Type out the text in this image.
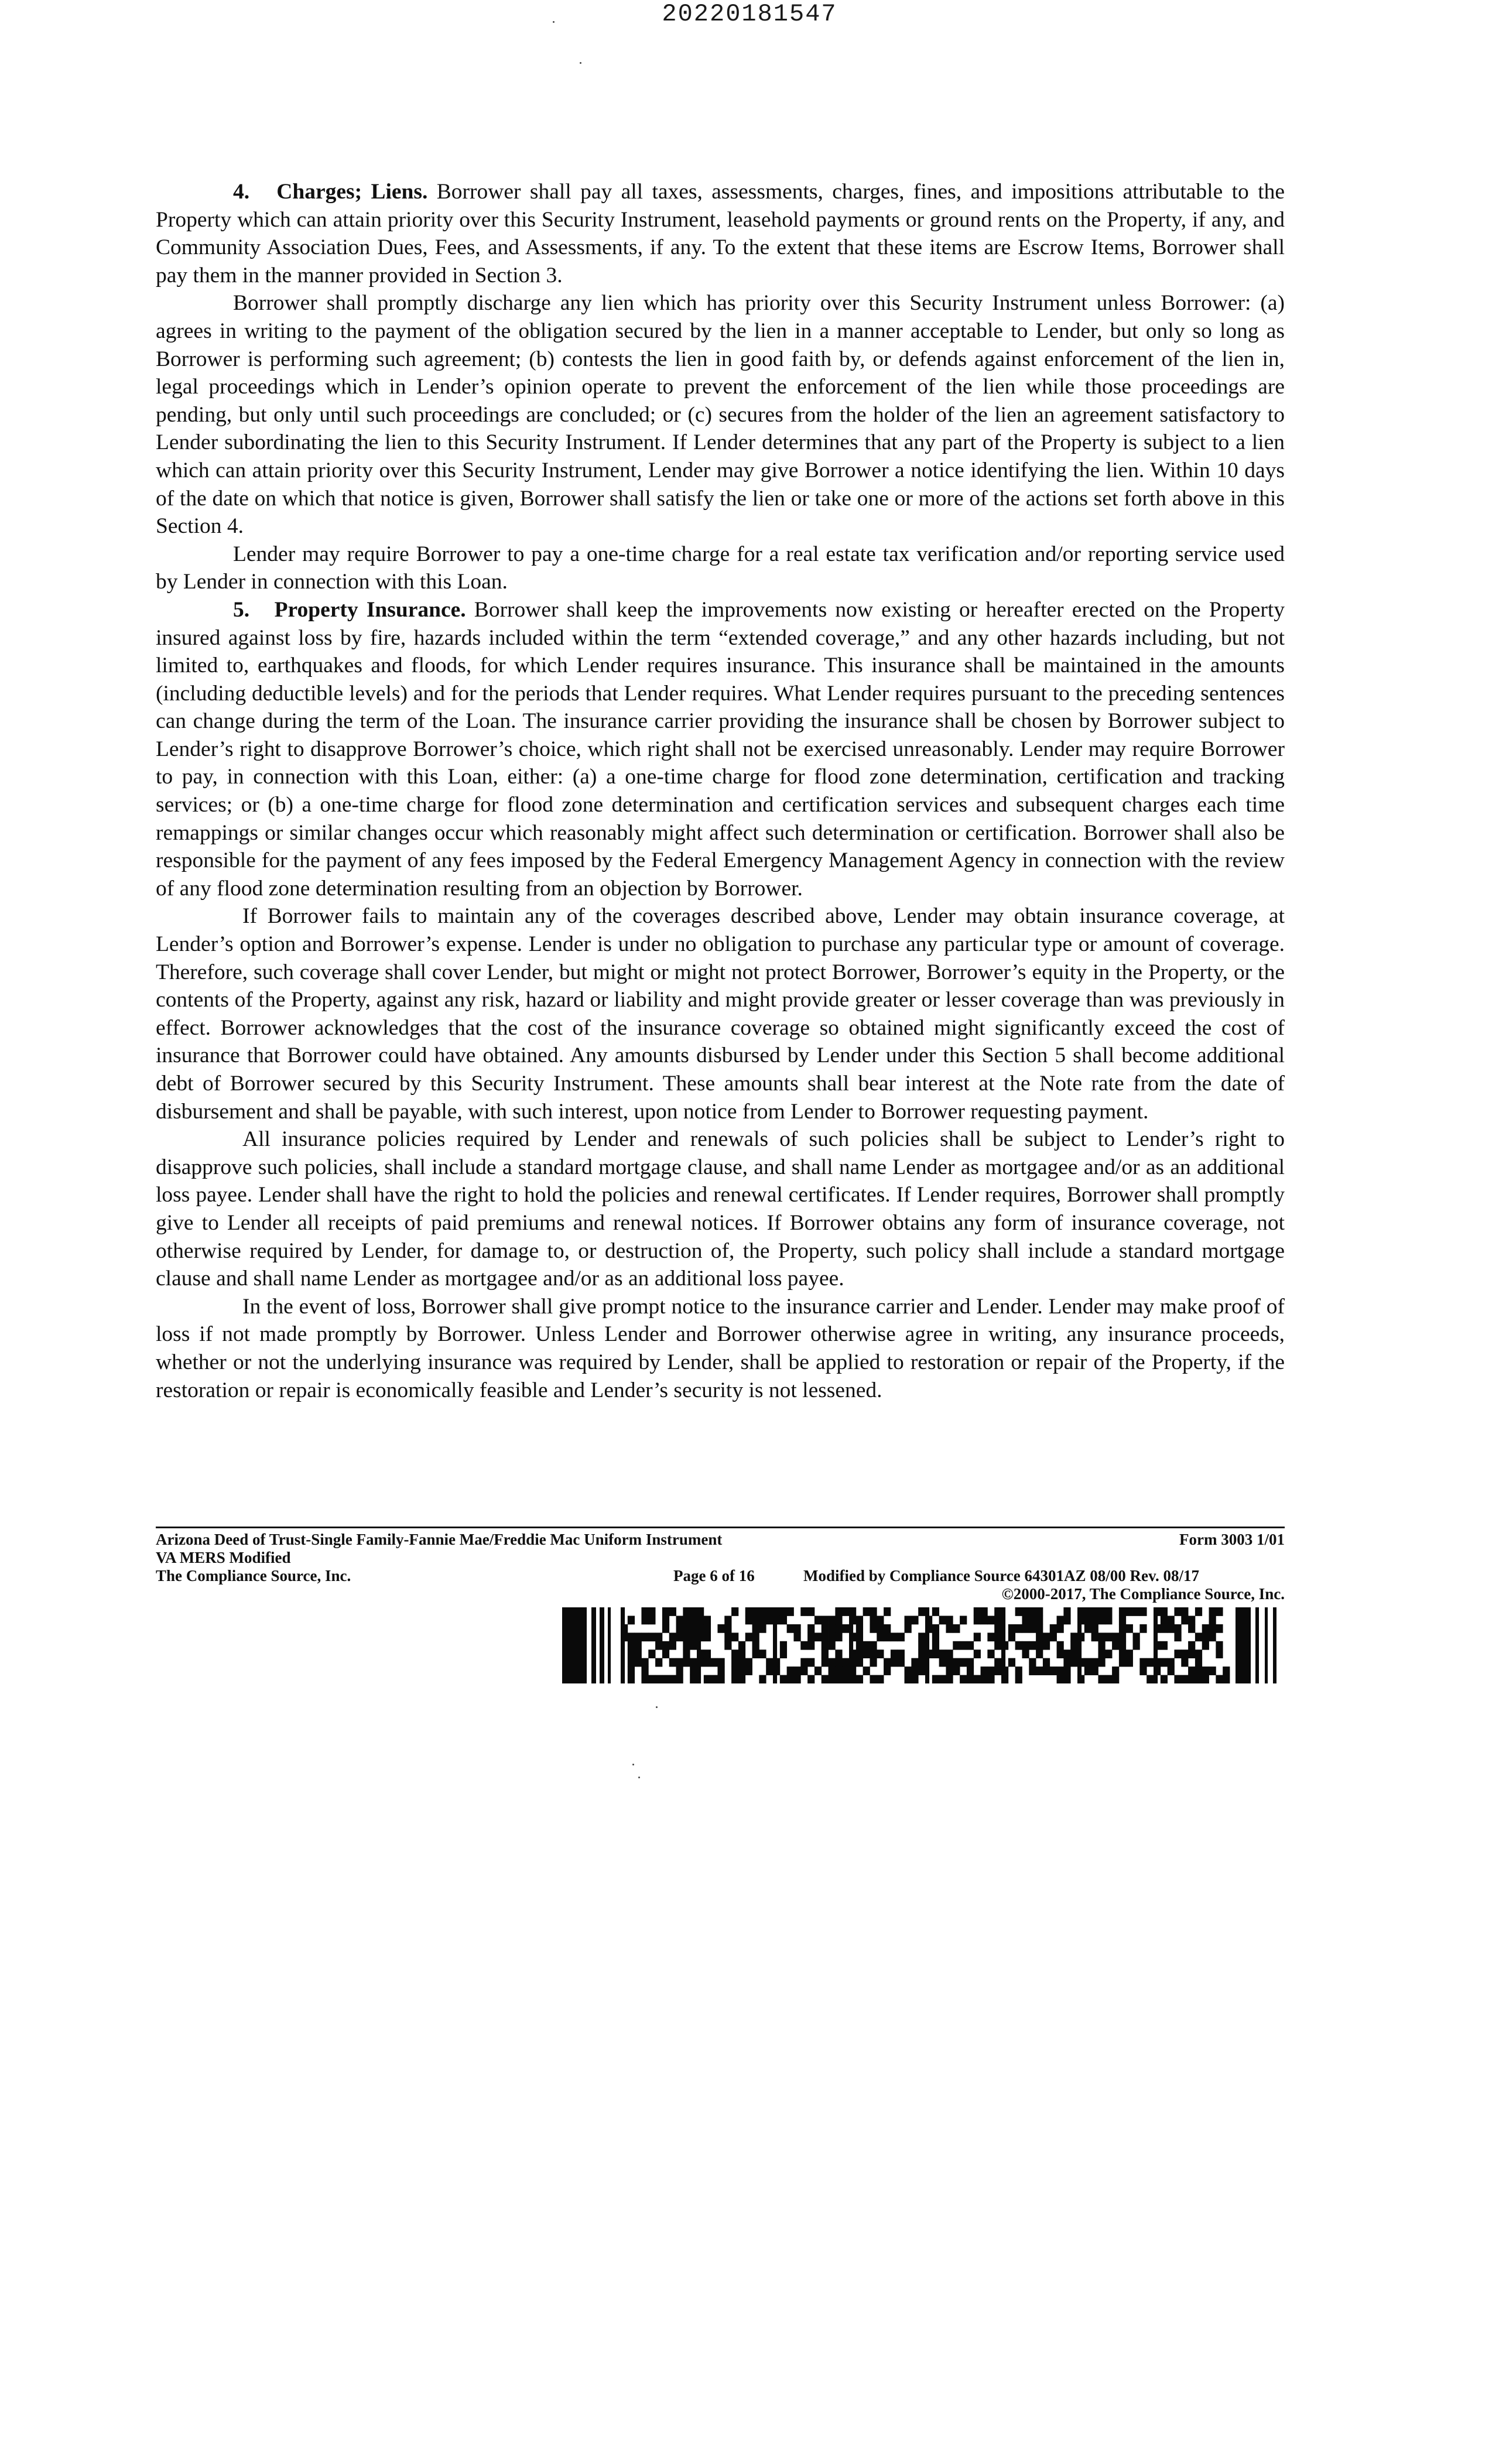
20220181547

4.   Charges; Liens. Borrower shall pay all taxes, assessments, charges, fines, and impositions attributable to the Property which can attain priority over this Security Instrument, leasehold payments or ground rents on the Property, if any, and Community Association Dues, Fees, and Assessments, if any. To the extent that these items are Escrow Items, Borrower shall pay them in the manner provided in Section 3.

Borrower shall promptly discharge any lien which has priority over this Security Instrument unless Borrower: (a) agrees in writing to the payment of the obligation secured by the lien in a manner acceptable to Lender, but only so long as Borrower is performing such agreement; (b) contests the lien in good faith by, or defends against enforcement of the lien in, legal proceedings which in Lender’s opinion operate to prevent the enforcement of the lien while those proceedings are pending, but only until such proceedings are concluded; or (c) secures from the holder of the lien an agreement satisfactory to Lender subordinating the lien to this Security Instrument. If Lender determines that any part of the Property is subject to a lien which can attain priority over this Security Instrument, Lender may give Borrower a notice identifying the lien. Within 10 days of the date on which that notice is given, Borrower shall satisfy the lien or take one or more of the actions set forth above in this Section 4.

Lender may require Borrower to pay a one-time charge for a real estate tax verification and/or reporting service used by Lender in connection with this Loan.

5.   Property Insurance. Borrower shall keep the improvements now existing or hereafter erected on the Property insured against loss by fire, hazards included within the term “extended coverage,” and any other hazards including, but not limited to, earthquakes and floods, for which Lender requires insurance. This insurance shall be maintained in the amounts (including deductible levels) and for the periods that Lender requires. What Lender requires pursuant to the preceding sentences can change during the term of the Loan. The insurance carrier providing the insurance shall be chosen by Borrower subject to Lender’s right to disapprove Borrower’s choice, which right shall not be exercised unreasonably. Lender may require Borrower to pay, in connection with this Loan, either: (a) a one-time charge for flood zone determination, certification and tracking services; or (b) a one-time charge for flood zone determination and certification services and subsequent charges each time remappings or similar changes occur which reasonably might affect such determination or certification. Borrower shall also be responsible for the payment of any fees imposed by the Federal Emergency Management Agency in connection with the review of any flood zone determination resulting from an objection by Borrower.

If Borrower fails to maintain any of the coverages described above, Lender may obtain insurance coverage, at Lender’s option and Borrower’s expense. Lender is under no obligation to purchase any particular type or amount of coverage. Therefore, such coverage shall cover Lender, but might or might not protect Borrower, Borrower’s equity in the Property, or the contents of the Property, against any risk, hazard or liability and might provide greater or lesser coverage than was previously in effect. Borrower acknowledges that the cost of the insurance coverage so obtained might significantly exceed the cost of insurance that Borrower could have obtained. Any amounts disbursed by Lender under this Section 5 shall become additional debt of Borrower secured by this Security Instrument. These amounts shall bear interest at the Note rate from the date of disbursement and shall be payable, with such interest, upon notice from Lender to Borrower requesting payment.

All insurance policies required by Lender and renewals of such policies shall be subject to Lender’s right to disapprove such policies, shall include a standard mortgage clause, and shall name Lender as mortgagee and/or as an additional loss payee. Lender shall have the right to hold the policies and renewal certificates. If Lender requires, Borrower shall promptly give to Lender all receipts of paid premiums and renewal notices. If Borrower obtains any form of insurance coverage, not otherwise required by Lender, for damage to, or destruction of, the Property, such policy shall include a standard mortgage clause and shall name Lender as mortgagee and/or as an additional loss payee.

In the event of loss, Borrower shall give prompt notice to the insurance carrier and Lender. Lender may make proof of loss if not made promptly by Borrower. Unless Lender and Borrower otherwise agree in writing, any insurance proceeds, whether or not the underlying insurance was required by Lender, shall be applied to restoration or repair of the Property, if the restoration or repair is economically feasible and Lender’s security is not lessened.

Arizona Deed of Trust-Single Family-Fannie Mae/Freddie Mac Uniform Instrument	Form 3003 1/01
VA MERS Modified
The Compliance Source, Inc.	Page 6 of 16	Modified by Compliance Source 64301AZ 08/00 Rev. 08/17
©2000-2017, The Compliance Source, Inc.
